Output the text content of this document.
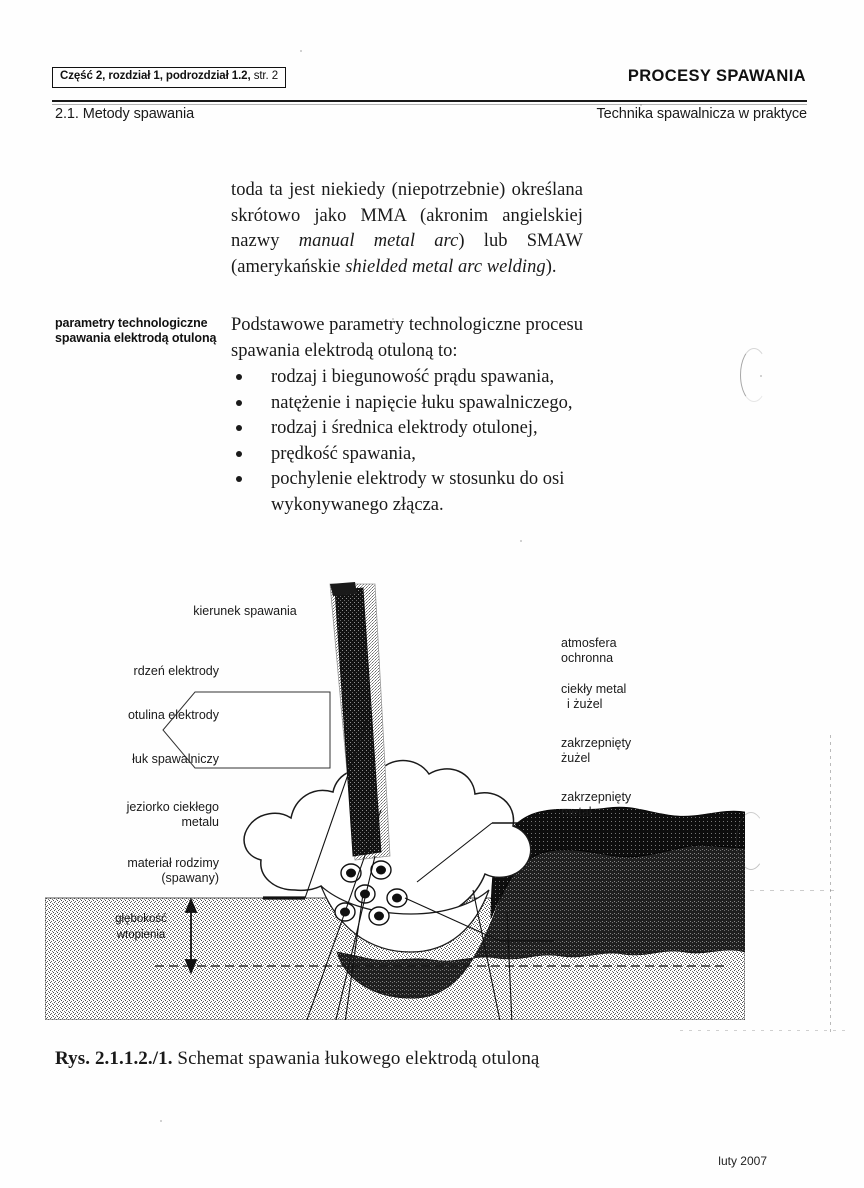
Część 2, rozdział 1, podrozdział 1.2, str. 2	PROCESY SPAWANIA
2.1. Metody spawania	Technika spawalnicza w praktyce
toda ta jest niekiedy (niepotrzebnie) określana skrótowo jako MMA (akronim angielskiej nazwy manual metal arc) lub SMAW (amerykańskie shielded metal arc welding).
parametry technologiczne spawania elektrodą otuloną
Podstawowe parametry technologiczne procesu spawania elektrodą otuloną to:
rodzaj i biegunowość prądu spawania,
natężenie i napięcie łuku spawalniczego,
rodzaj i średnica elektrody otulonej,
prędkość spawania,
pochylenie elektrody w stosunku do osi wykonywanego złącza.
kierunek spawania
rdzeń elektrody
otulina elektrody
łuk spawalniczy
jeziorko ciekłego
metalu
materiał rodzimy
(spawany)
atmosfera
ochronna
ciekły metal
i żużel
zakrzepnięty
żużel
zakrzepnięty
metal
głębokość
wtopienia
Rys. 2.1.1.2./1. Schemat spawania łukowego elektrodą otuloną
luty 2007
